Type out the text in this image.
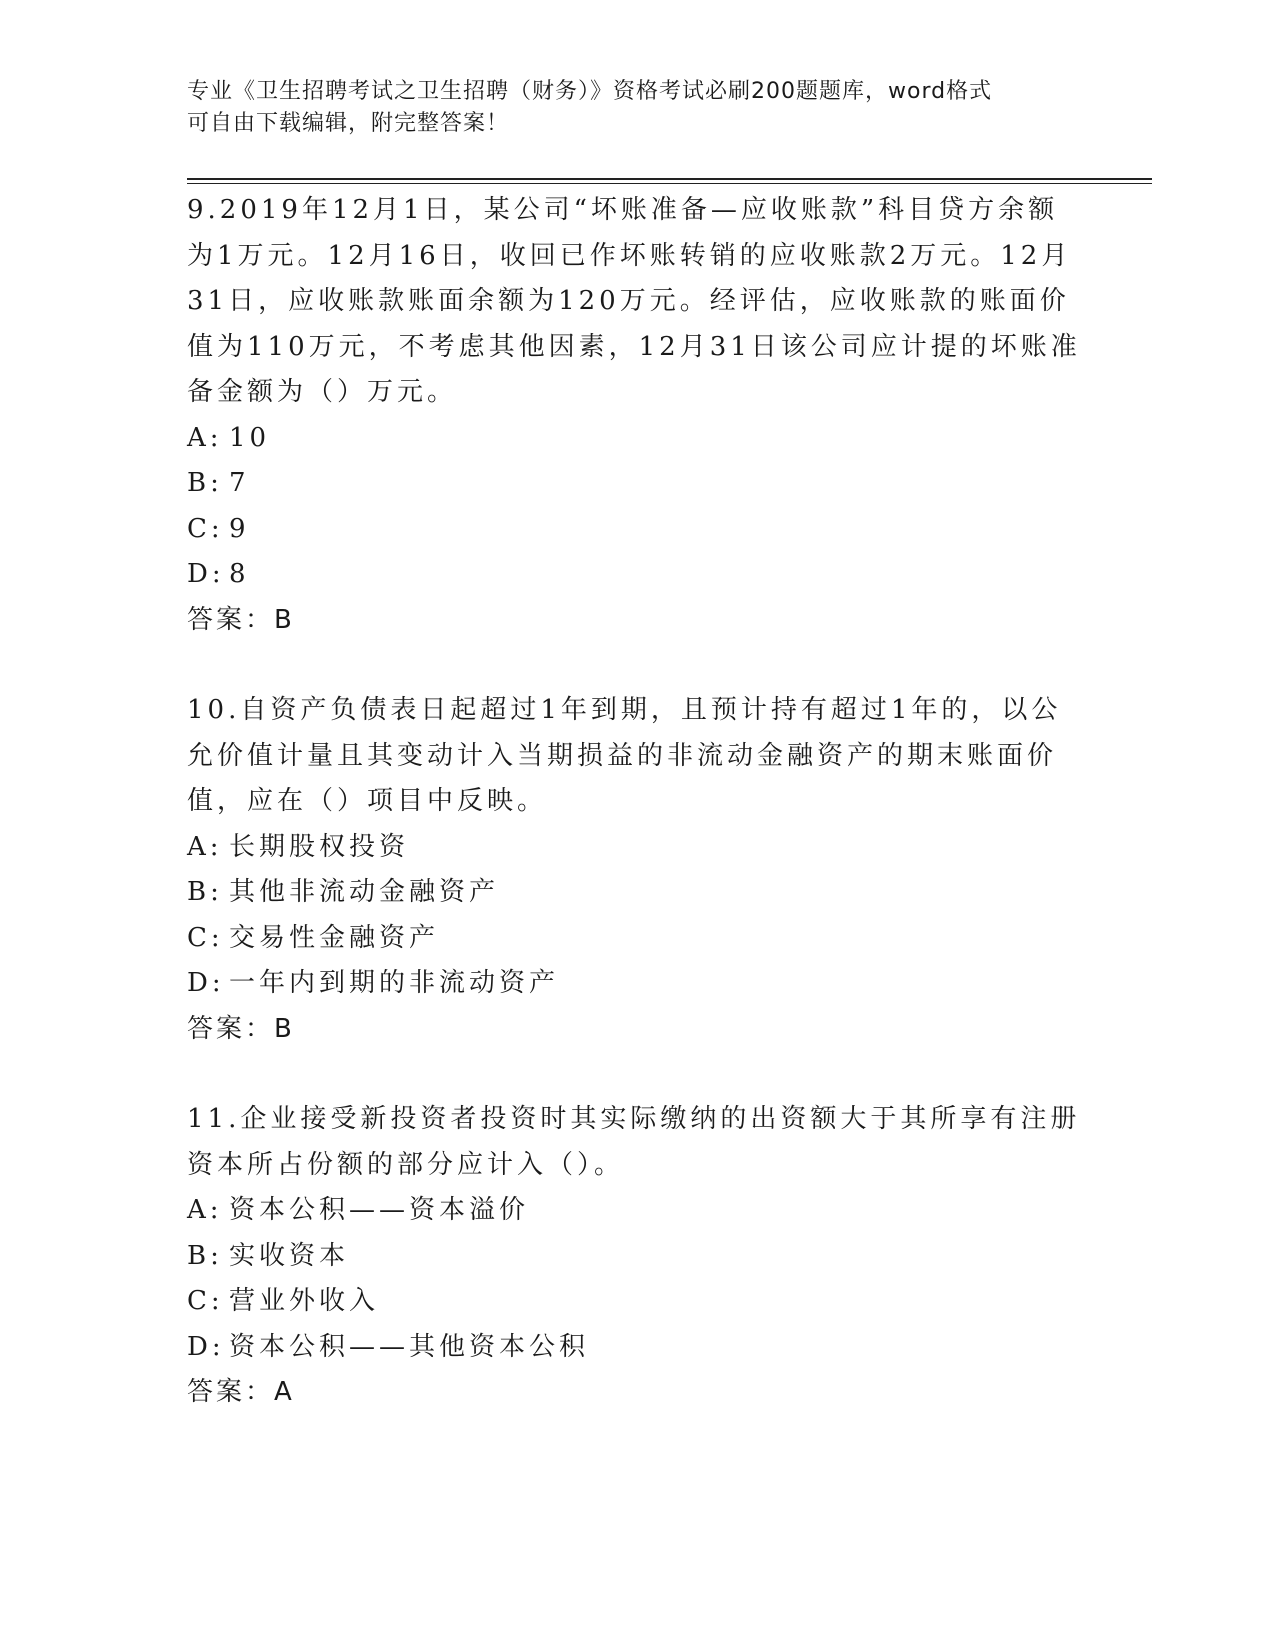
专业《卫生招聘考试之卫生招聘（财务）》资格考试必刷200题题库，word格式
可自由下载编辑，附完整答案！

9.2019年12月1日，某公司“坏账准备—应收账款”科目贷方余额为1万元。12月16日，收回已作坏账转销的应收账款2万元。12月31日，应收账款账面余额为120万元。经评估，应收账款的账面价值为110万元，不考虑其他因素，12月31日该公司应计提的坏账准备金额为（）万元。

A: 10

B: 7

C: 9

D: 8

答案：B

10.自资产负债表日起超过1年到期，且预计持有超过1年的，以公允价值计量且其变动计入当期损益的非流动金融资产的期末账面价值，应在（）项目中反映。

A: 长期股权投资

B: 其他非流动金融资产

C: 交易性金融资产

D: 一年内到期的非流动资产

答案：B

11.企业接受新投资者投资时其实际缴纳的出资额大于其所享有注册资本所占份额的部分应计入（）。

A: 资本公积——资本溢价

B: 实收资本

C: 营业外收入

D: 资本公积——其他资本公积

答案：A
